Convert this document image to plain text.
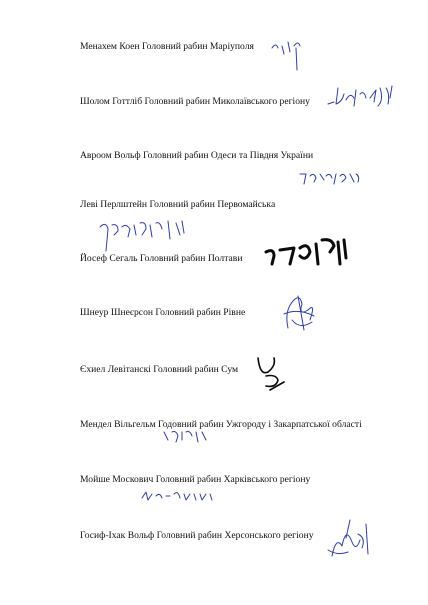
Менахем Коен Головний рабин Маріуполя
Шолом Готтліб Головний рабин Миколаївського регіону
Авроом Вольф Головний рабин Одеси та Півдня України
Леві Перлштейн Головний рабин Первомайська
Йосеф Сегаль Головний рабин Полтави
Шнеур Шнеєрсон Головний рабин Рівне
Єхиел Левітанскі Головний рабин Сум
Мендел Вільгельм Годовний рабин Ужгороду і Закарпатської області
Мойше Москович Головний рабин Харківського регіону
Госиф-Іхак Вольф Головний рабин Херсонського регіону
